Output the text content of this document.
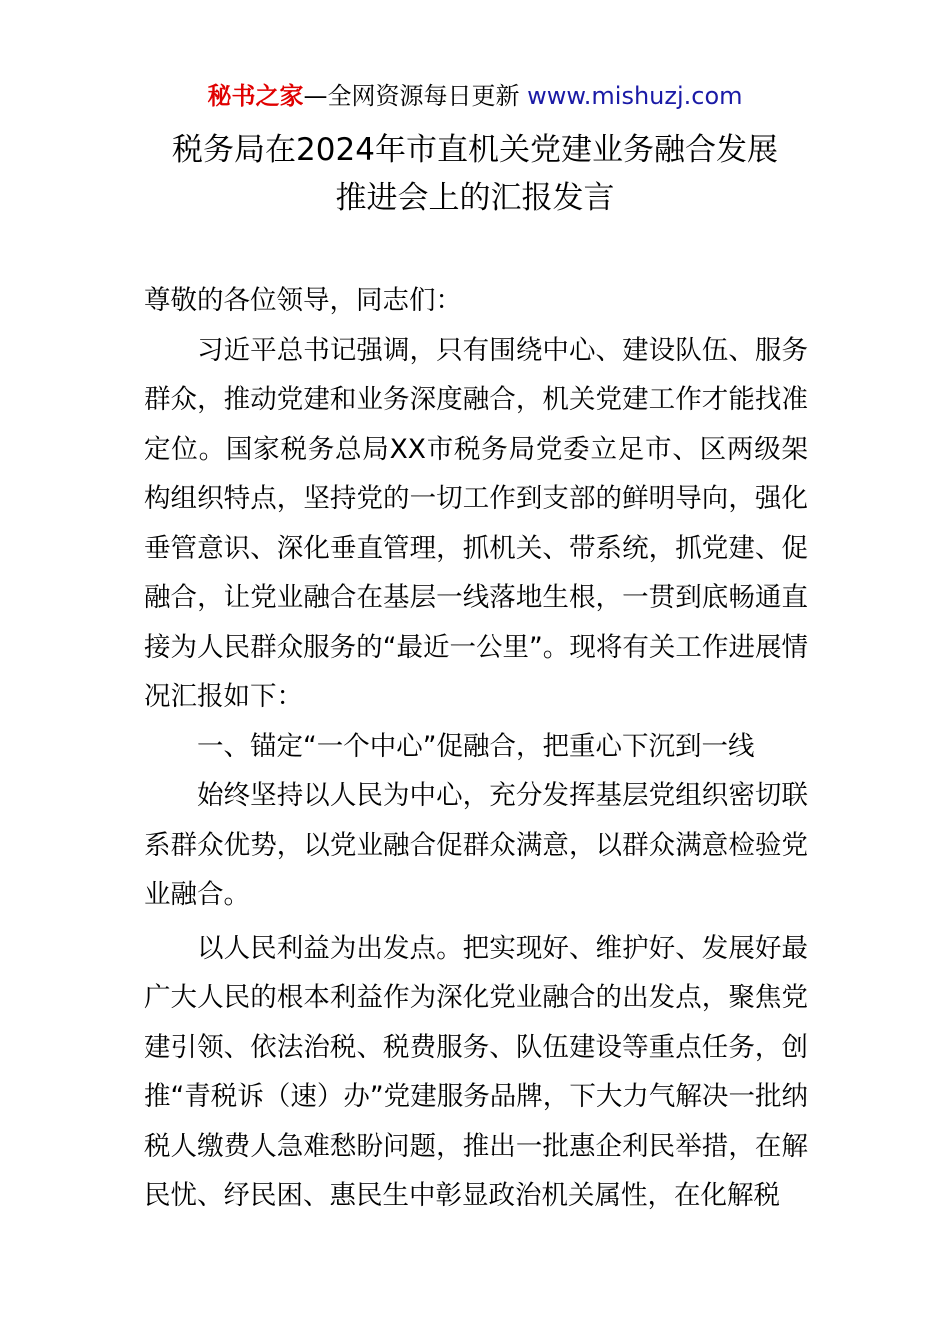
秘书之家—全网资源每日更新 www.mishuzj.com
税务局在2024年市直机关党建业务融合发展
推进会上的汇报发言

尊敬的各位领导，同志们：

习近平总书记强调，只有围绕中心、建设队伍、服务群众，推动党建和业务深度融合，机关党建工作才能找准定位。国家税务总局XX市税务局党委立足市、区两级架构组织特点，坚持党的一切工作到支部的鲜明导向，强化垂管意识、深化垂直管理，抓机关、带系统，抓党建、促融合，让党业融合在基层一线落地生根，一贯到底畅通直接为人民群众服务的“最近一公里”。现将有关工作进展情况汇报如下：

一、锚定“一个中心”促融合，把重心下沉到一线

始终坚持以人民为中心，充分发挥基层党组织密切联系群众优势，以党业融合促群众满意，以群众满意检验党业融合。

以人民利益为出发点。把实现好、维护好、发展好最广大人民的根本利益作为深化党业融合的出发点，聚焦党建引领、依法治税、税费服务、队伍建设等重点任务，创推“青税诉（速）办”党建服务品牌，下大力气解决一批纳税人缴费人急难愁盼问题，推出一批惠企利民举措，在解民忧、纾民困、惠民生中彰显政治机关属性，在化解税
